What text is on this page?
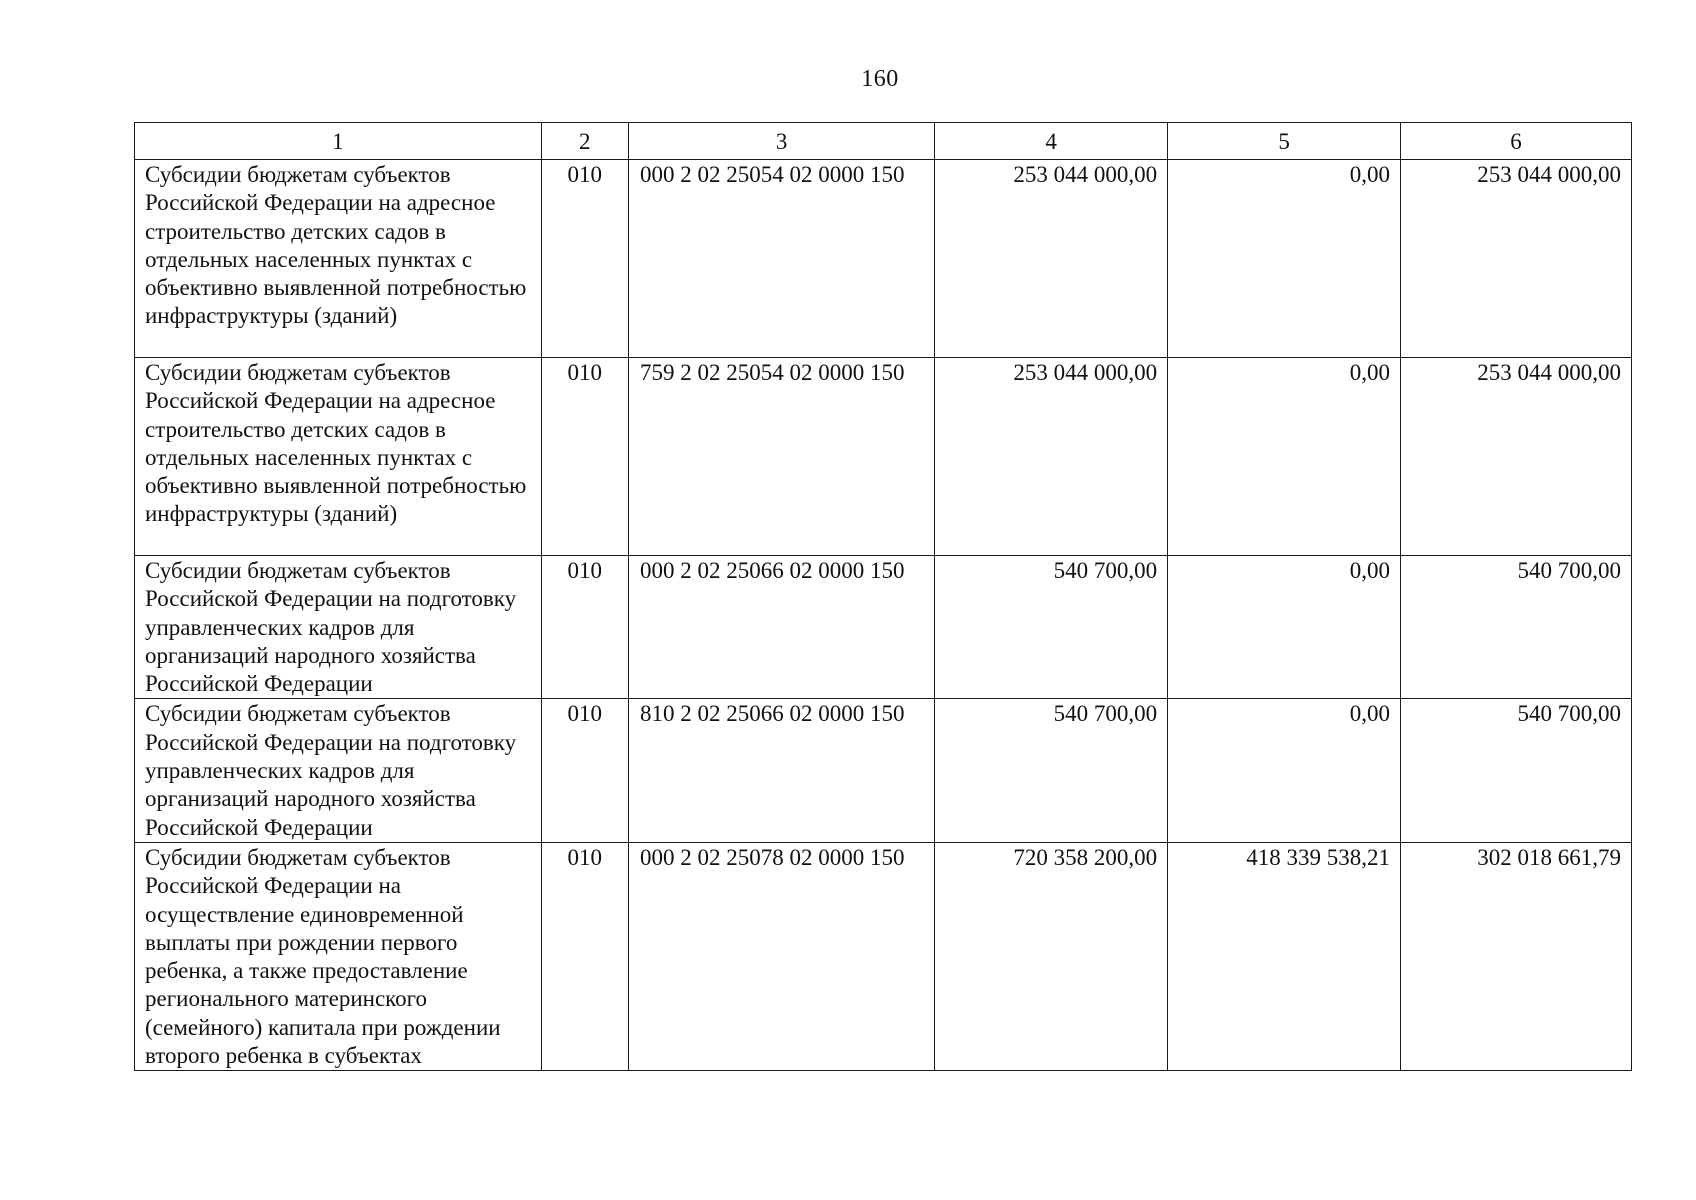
160
1	2	3	4	5	6
Субсидии бюджетам субъектов Российской Федерации на адресное строительство детских садов в отдельных населенных пунктах с объективно выявленной потребностью инфраструктуры (зданий)	010	000 2 02 25054 02 0000 150	253 044 000,00	0,00	253 044 000,00
Субсидии бюджетам субъектов Российской Федерации на адресное строительство детских садов в отдельных населенных пунктах с объективно выявленной потребностью инфраструктуры (зданий)	010	759 2 02 25054 02 0000 150	253 044 000,00	0,00	253 044 000,00
Субсидии бюджетам субъектов Российской Федерации на подготовку управленческих кадров для организаций народного хозяйства Российской Федерации	010	000 2 02 25066 02 0000 150	540 700,00	0,00	540 700,00
Субсидии бюджетам субъектов Российской Федерации на подготовку управленческих кадров для организаций народного хозяйства Российской Федерации	010	810 2 02 25066 02 0000 150	540 700,00	0,00	540 700,00
Субсидии бюджетам субъектов Российской Федерации на осуществление единовременной выплаты при рождении первого ребенка, а также предоставление регионального материнского (семейного) капитала при рождении второго ребенка в субъектах	010	000 2 02 25078 02 0000 150	720 358 200,00	418 339 538,21	302 018 661,79
